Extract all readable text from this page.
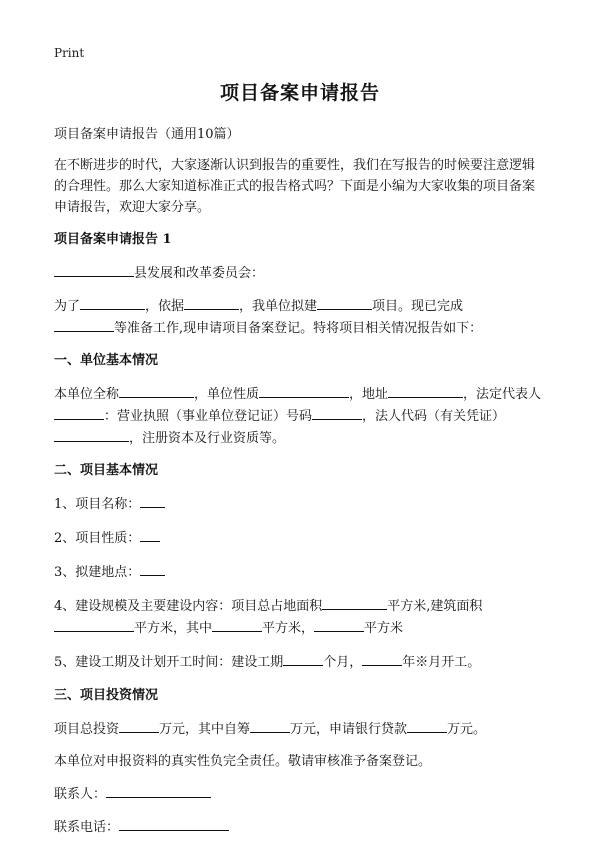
Print
项目备案申请报告

项目备案申请报告（通用10篇）

在不断进步的时代，大家逐渐认识到报告的重要性，我们在写报告的时候要注意逻辑的合理性。那么大家知道标准正式的报告格式吗？下面是小编为大家收集的项目备案申请报告，欢迎大家分享。

项目备案申请报告 1

县发展和改革委员会：

为了	，依据	，我单位拟建	项目。现已完成
等准备工作,现申请项目备案登记。特将项目相关情况报告如下：

一、单位基本情况

本单位全称	，单位性质	，地址	，法定代表人：营业执照（事业单位登记证）号码	，法人代码（有关凭证），注册资本及行业资质等。

二、项目基本情况

1、项目名称：

2、项目性质：

3、拟建地点：

4、建设规模及主要建设内容：项目总占地面积	平方米,建筑面积平方米，其中	平方米，	平方米

5、建设工期及计划开工时间：建设工期	个月，	年※月开工。

三、项目投资情况

项目总投资	万元，其中自筹	万元，申请银行贷款	万元。

本单位对申报资料的真实性负完全责任。敬请审核准予备案登记。

联系人：

联系电话：
